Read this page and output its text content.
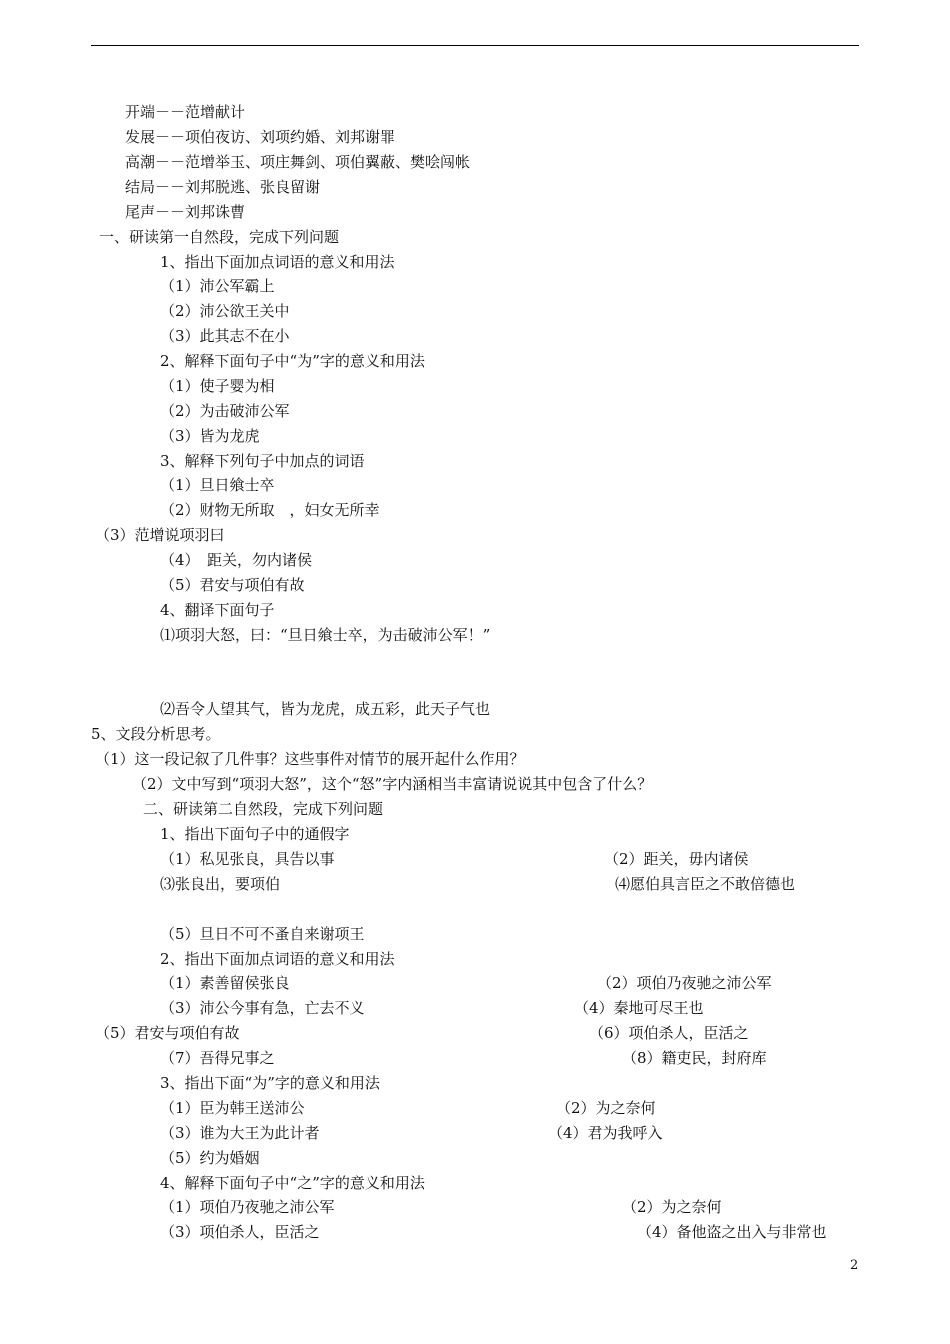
开端－－范增献计
发展－－项伯夜访、刘项约婚、刘邦谢罪
高潮－－范增举玉、项庄舞剑、项伯翼蔽、樊哙闯帐
结局－－刘邦脱逃、张良留谢
尾声－－刘邦诛曹
一、研读第一自然段，完成下列问题
1、指出下面加点词语的意义和用法
（1）沛公军霸上
（2）沛公欲王关中
（3）此其志不在小
2、解释下面句子中“为”字的意义和用法
（1）使子婴为相
（2）为击破沛公军
（3）皆为龙虎
3、解释下列句子中加点的词语
（1）旦日飨士卒
（2）财物无所取　，妇女无所幸
（3）范增说项羽曰
（4）　距关，勿内诸侯
（5）君安与项伯有故
4、翻译下面句子
⑴项羽大怒，曰：“旦日飨士卒，为击破沛公军！”
⑵吾令人望其气，皆为龙虎，成五彩，此天子气也
5、文段分析思考。
（1）这一段记叙了几件事？这些事件对情节的展开起什么作用？
（2）文中写到“项羽大怒”，这个“怒”字内涵相当丰富请说说其中包含了什么？
二、研读第二自然段，完成下列问题
1、指出下面句子中的通假字
（1）私见张良，具告以事	（2）距关，毋内诸侯
⑶张良出，要项伯	⑷愿伯具言臣之不敢倍德也
（5）旦日不可不蚤自来谢项王
2、指出下面加点词语的意义和用法
（1）素善留侯张良	（2）项伯乃夜驰之沛公军
（3）沛公今事有急，亡去不义	（4）秦地可尽王也
（5）君安与项伯有故	（6）项伯杀人，臣活之
（7）吾得兄事之	（8）籍吏民，封府库
3、指出下面“为”字的意义和用法
（1）臣为韩王送沛公	（2）为之奈何
（3）谁为大王为此计者	（4）君为我呼入
（5）约为婚姻
4、解释下面句子中“之”字的意义和用法
（1）项伯乃夜驰之沛公军	（2）为之奈何
（3）项伯杀人，臣活之	（4）备他盗之出入与非常也
2
